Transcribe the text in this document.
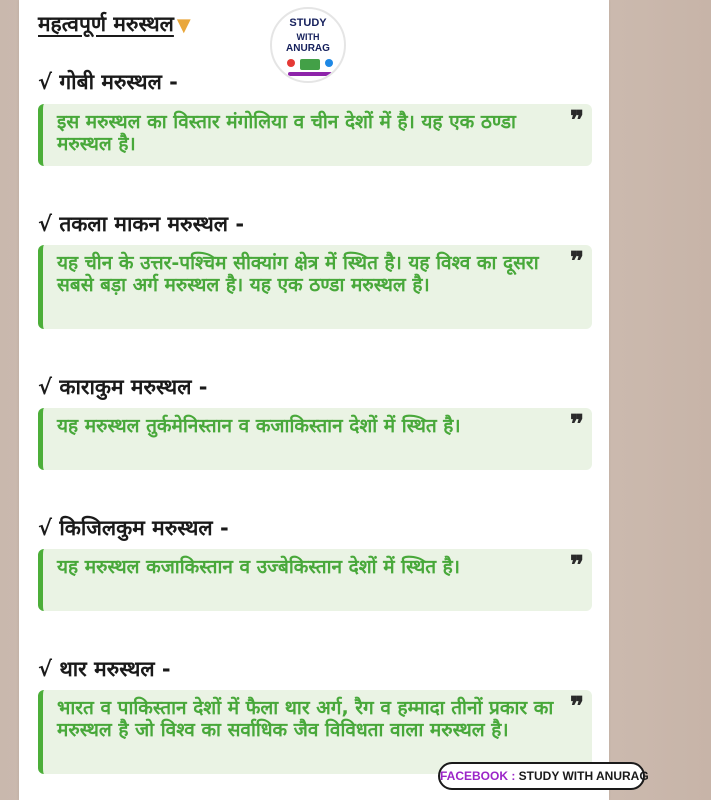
महत्वपूर्ण मरुस्थल ▼	STUDY
WITH
ANURAG
√ गोबी मरुस्थल -
इस मरुस्थल का विस्तार मंगोलिया व चीन देशों में है। यह एक ठण्डा मरुस्थल है।
❞
√ तकला माकन मरुस्थल -
यह चीन के उत्तर-पश्चिम सीक्यांग क्षेत्र में स्थित है। यह विश्व का दूसरा सबसे बड़ा अर्ग मरुस्थल है। यह एक ठण्डा मरुस्थल है।
❞
√ काराकुम मरुस्थल -
यह मरुस्थल तुर्कमेनिस्तान व कजाकिस्तान देशों में स्थित है।	❞
√ किजिलकुम मरुस्थल -
यह मरुस्थल कजाकिस्तान व उज्बेकिस्तान देशों में स्थित है।	❞
√ थार मरुस्थल -
भारत व पाकिस्तान देशों में फैला थार अर्ग, रैग व हम्मादा तीनों प्रकार का मरुस्थल है जो विश्व का सर्वाधिक जैव विविधता वाला मरुस्थल है।
❞
FACEBOOK : STUDY WITH ANURAG
